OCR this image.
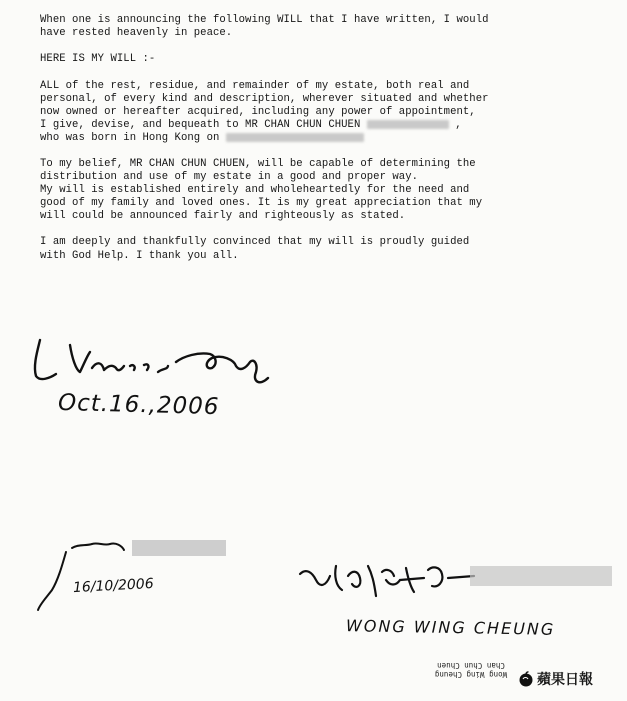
When one is announcing the following WILL that I have written, I would
have rested heavenly in peace.
HERE IS MY WILL :-
ALL of the rest, residue, and remainder of my estate, both real and
personal, of every kind and description, wherever situated and whether
now owned or hereafter acquired, including any power of appointment,
I give, devise, and bequeath to MR CHAN CHUN CHUEN	,
who was born in Hong Kong on
To my belief, MR CHAN CHUN CHUEN, will be capable of determining the
distribution and use of my estate in a good and proper way.
My will is established entirely and wholeheartedly for the need and
good of my family and loved ones. It is my great appreciation that my
will could be announced fairly and righteously as stated.
I am deeply and thankfully convinced that my will is proudly guided
with God Help. I thank you all.
Oct.16.,2006
16/10/2006
WONG WING CHEUNG
Wong Wing Cheung
Chan Chun Chuen
蘋果日報
